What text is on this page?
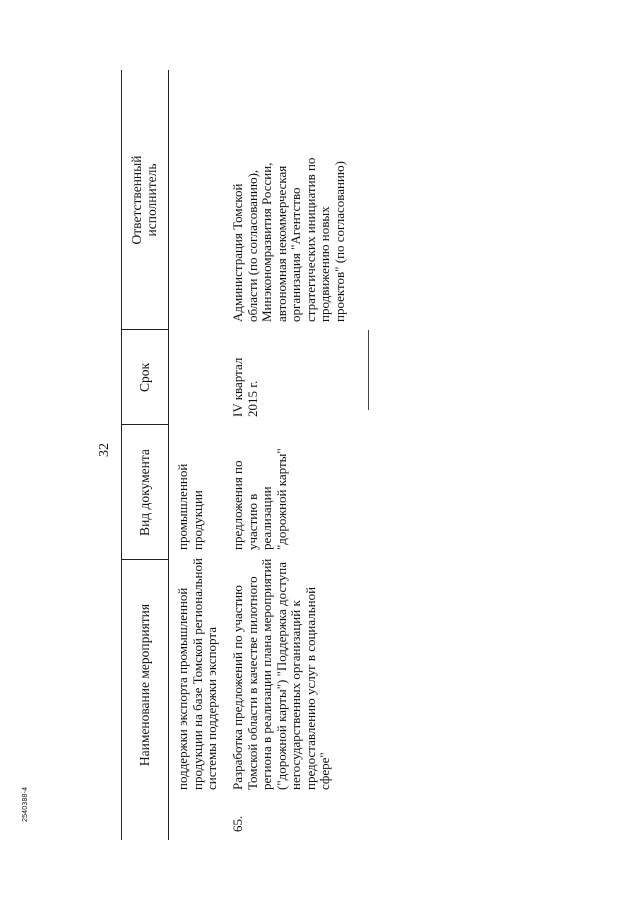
32
Наименование мероприятия
Вид документа
Срок
Ответственный исполнитель
поддержки экспорта промышленной продукции на базе Томской региональной системы поддержки экспорта
промышленной продукции
65.
Разработка предложений по участию Томской области в качестве пилотного региона в реализации плана мероприятий ("дорожной карты") "Поддержка доступа негосударственных организаций к предоставлению услуг в социальной сфере"
предложения по участию в реализации "дорожной карты"
IV квартал 2015 г.
Администрация Томской области (по согласованию), Минэкономразвития России, автономная некоммерческая организация "Агентство стратегических инициатив по продвижению новых проектов" (по согласованию)
2540388-4
